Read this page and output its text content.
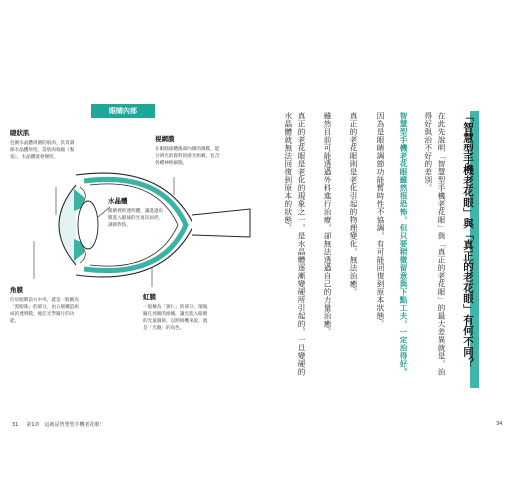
眼睛內部
睫狀肌
包圍水晶體周圍的肌肉，負責調節水晶體厚度，當肌肉收縮（緊張），水晶體就會變厚。
視網膜
在眼睛球體後部內側的薄膜，能分辨光的資料的感光組織，包含各種神經細胞。
水晶體
眼睛裡的透明體，讓進過角膜進入眼球的光再次屈折，調節對焦。
角膜
位於眼睛前方中央，就是一般稱為「黑眼珠」的部分，由五層構造組成的透明膜，擔任光學鏡片的功能。
虹膜
一般稱為「黃仁」的部分，環繞瞳孔周圍的組織，讓光進入眼睛的光量調節，以照相機來說，就是「光圈」的角色。
31 第1章　這就是智慧型手機老花眼！
「智慧型手機老花眼」與「真正的老花眼」有何不同？
在此先說明「智慧型手機老花眼」與「真正的老花眼」的最大差異就是，治得好與治不好的差別。
智慧型手機老花眼雖然很恐怖，但只要稍微留意與下點工夫，一定治得好。
因為是眼睛調節功能暫時性不協調，有可能回復到原本狀態。
真正的老花眼則是老化引起的物理變化，無法治癒。
雖然目前可能透過外科進行治療，卻無法透過自己的力量治癒。
真正的老花眼是老化的現象之一，是水晶體逐漸變硬所引起的，一旦變硬的水晶體就無法回復到原本的狀態。
34
